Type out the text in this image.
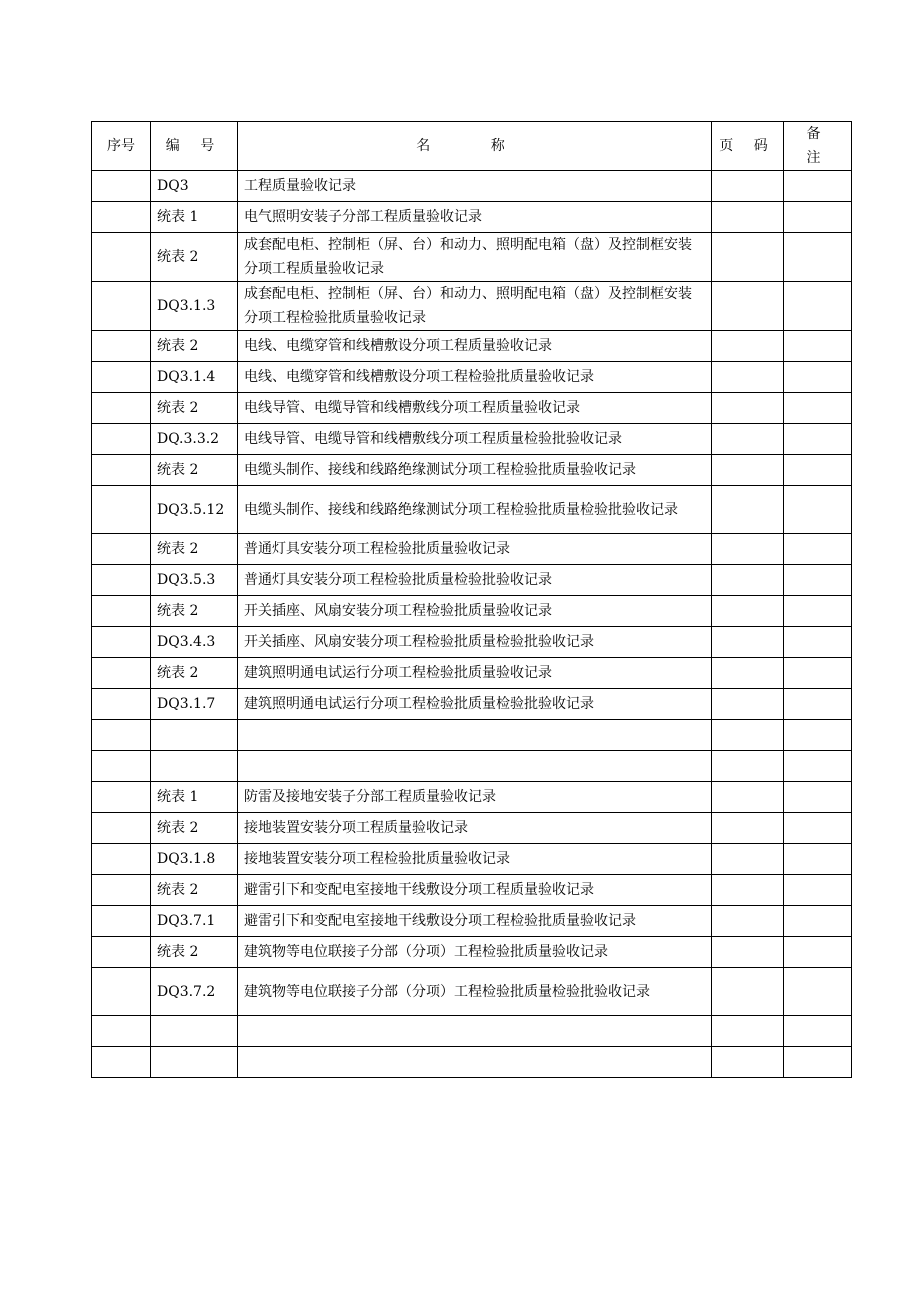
序号	编 号	名 称	页 码	备 注
	DQ3	工程质量验收记录		
	统表 1	电气照明安装子分部工程质量验收记录		
	统表 2	成套配电柜、控制柜（屏、台）和动力、照明配电箱（盘）及控制框安装分项工程质量验收记录		
	DQ3.1.3	成套配电柜、控制柜（屏、台）和动力、照明配电箱（盘）及控制框安装分项工程检验批质量验收记录		
	统表 2	电线、电缆穿管和线槽敷设分项工程质量验收记录		
	DQ3.1.4	电线、电缆穿管和线槽敷设分项工程检验批质量验收记录		
	统表 2	电线导管、电缆导管和线槽敷线分项工程质量验收记录		
	DQ.3.3.2	电线导管、电缆导管和线槽敷线分项工程质量检验批验收记录		
	统表 2	电缆头制作、接线和线路绝缘测试分项工程检验批质量验收记录		
	DQ3.5.12	电缆头制作、接线和线路绝缘测试分项工程检验批质量检验批验收记录		
	统表 2	普通灯具安装分项工程检验批质量验收记录		
	DQ3.5.3	普通灯具安装分项工程检验批质量检验批验收记录		
	统表 2	开关插座、风扇安装分项工程检验批质量验收记录		
	DQ3.4.3	开关插座、风扇安装分项工程检验批质量检验批验收记录		
	统表 2	建筑照明通电试运行分项工程检验批质量验收记录		
	DQ3.1.7	建筑照明通电试运行分项工程检验批质量检验批验收记录		

	统表 1	防雷及接地安装子分部工程质量验收记录		
	统表 2	接地装置安装分项工程质量验收记录		
	DQ3.1.8	接地装置安装分项工程检验批质量验收记录		
	统表 2	避雷引下和变配电室接地干线敷设分项工程质量验收记录		
	DQ3.7.1	避雷引下和变配电室接地干线敷设分项工程检验批质量验收记录		
	统表 2	建筑物等电位联接子分部（分项）工程检验批质量验收记录		
	DQ3.7.2	建筑物等电位联接子分部（分项）工程检验批质量检验批验收记录		
